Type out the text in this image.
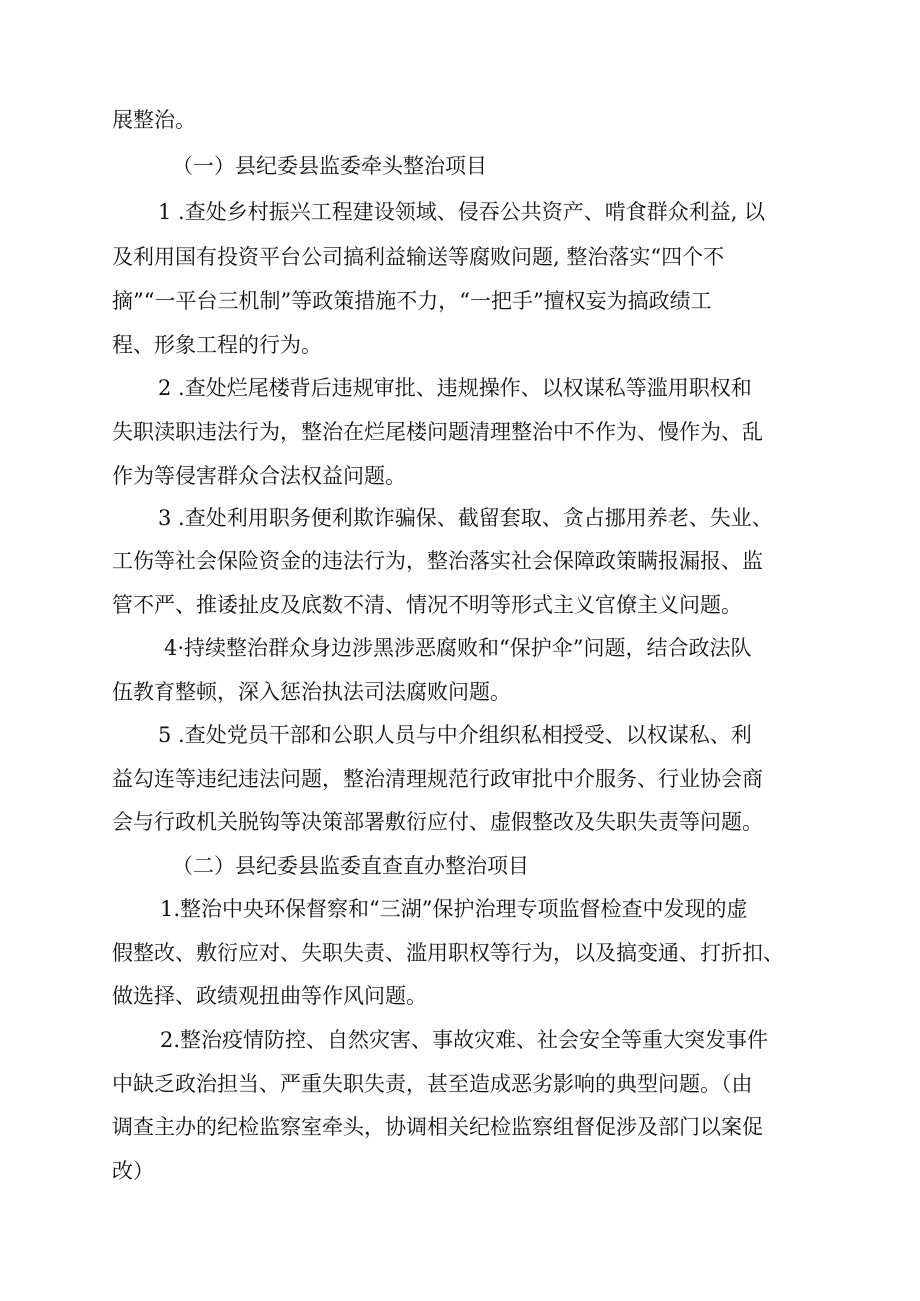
展整治。
（一）县纪委县监委牵头整治项目
1 .查处乡村振兴工程建设领域、侵吞公共资产、啃食群众利益, 以
及利用国有投资平台公司搞利益输送等腐败问题, 整治落实“四个不
摘”“一平台三机制”等政策措施不力，“一把手”擅权妄为搞政绩工
程、形象工程的行为。
2 .查处烂尾楼背后违规审批、违规操作、以权谋私等滥用职权和
失职渎职违法行为，整治在烂尾楼问题清理整治中不作为、慢作为、乱
作为等侵害群众合法权益问题。
3 .查处利用职务便利欺诈骗保、截留套取、贪占挪用养老、失业、
工伤等社会保险资金的违法行为，整治落实社会保障政策瞒报漏报、监
管不严、推诿扯皮及底数不清、情况不明等形式主义官僚主义问题。
4·持续整治群众身边涉黑涉恶腐败和“保护伞”问题，结合政法队
伍教育整顿，深入惩治执法司法腐败问题。
5 .查处党员干部和公职人员与中介组织私相授受、以权谋私、利
益勾连等违纪违法问题，整治清理规范行政审批中介服务、行业协会商
会与行政机关脱钩等决策部署敷衍应付、虚假整改及失职失责等问题。
（二）县纪委县监委直查直办整治项目
1.整治中央环保督察和“三湖”保护治理专项监督检查中发现的虚
假整改、敷衍应对、失职失责、滥用职权等行为，以及搞变通、打折扣、
做选择、政绩观扭曲等作风问题。
2.整治疫情防控、自然灾害、事故灾难、社会安全等重大突发事件
中缺乏政治担当、严重失职失责，甚至造成恶劣影响的典型问题。（由
调查主办的纪检监察室牵头，协调相关纪检监察组督促涉及部门以案促
改）
